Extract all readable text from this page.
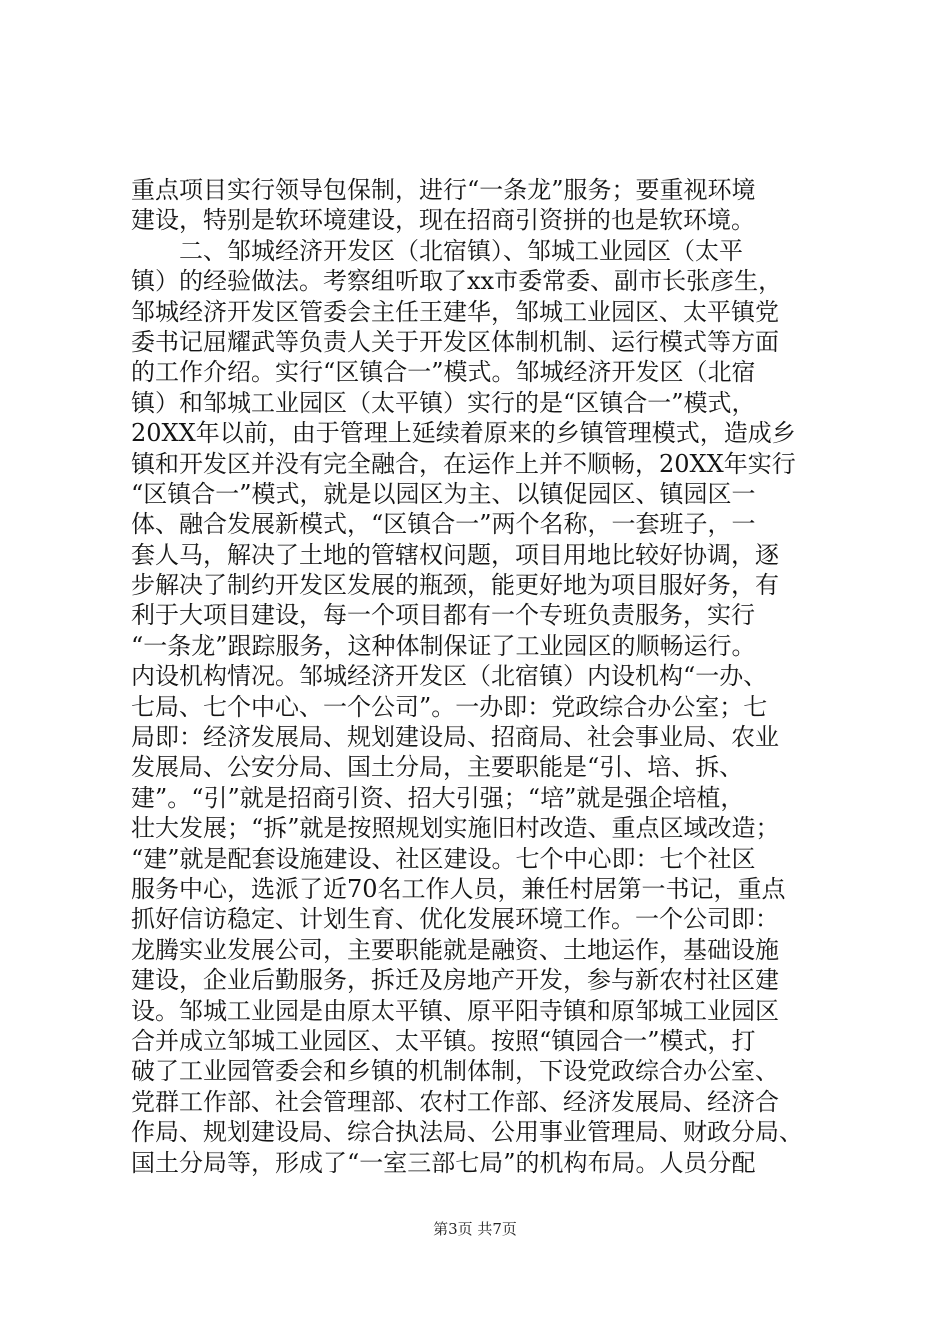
重点项目实行领导包保制，进行“一条龙”服务；要重视环境
建设，特别是软环境建设，现在招商引资拼的也是软环境。
　　二、邹城经济开发区（北宿镇）、邹城工业园区（太平
镇）的经验做法。考察组听取了xx市委常委、副市长张彦生，
邹城经济开发区管委会主任王建华，邹城工业园区、太平镇党
委书记屈耀武等负责人关于开发区体制机制、运行模式等方面
的工作介绍。实行“区镇合一”模式。邹城经济开发区（北宿
镇）和邹城工业园区（太平镇）实行的是“区镇合一”模式，
20XX年以前，由于管理上延续着原来的乡镇管理模式，造成乡
镇和开发区并没有完全融合，在运作上并不顺畅，20XX年实行
“区镇合一”模式，就是以园区为主、以镇促园区、镇园区一
体、融合发展新模式，“区镇合一”两个名称，一套班子，一
套人马，解决了土地的管辖权问题，项目用地比较好协调，逐
步解决了制约开发区发展的瓶颈，能更好地为项目服好务，有
利于大项目建设，每一个项目都有一个专班负责服务，实行
“一条龙”跟踪服务，这种体制保证了工业园区的顺畅运行。
内设机构情况。邹城经济开发区（北宿镇）内设机构“一办、
七局、七个中心、一个公司”。一办即：党政综合办公室；七
局即：经济发展局、规划建设局、招商局、社会事业局、农业
发展局、公安分局、国土分局，主要职能是“引、培、拆、
建”。“引”就是招商引资、招大引强；“培”就是强企培植，
壮大发展；“拆”就是按照规划实施旧村改造、重点区域改造；
“建”就是配套设施建设、社区建设。七个中心即：七个社区
服务中心，选派了近70名工作人员，兼任村居第一书记，重点
抓好信访稳定、计划生育、优化发展环境工作。一个公司即：
龙腾实业发展公司，主要职能就是融资、土地运作，基础设施
建设，企业后勤服务，拆迁及房地产开发，参与新农村社区建
设。邹城工业园是由原太平镇、原平阳寺镇和原邹城工业园区
合并成立邹城工业园区、太平镇。按照“镇园合一”模式，打
破了工业园管委会和乡镇的机制体制，下设党政综合办公室、
党群工作部、社会管理部、农村工作部、经济发展局、经济合
作局、规划建设局、综合执法局、公用事业管理局、财政分局、
国土分局等，形成了“一室三部七局”的机构布局。人员分配
第3页 共7页
